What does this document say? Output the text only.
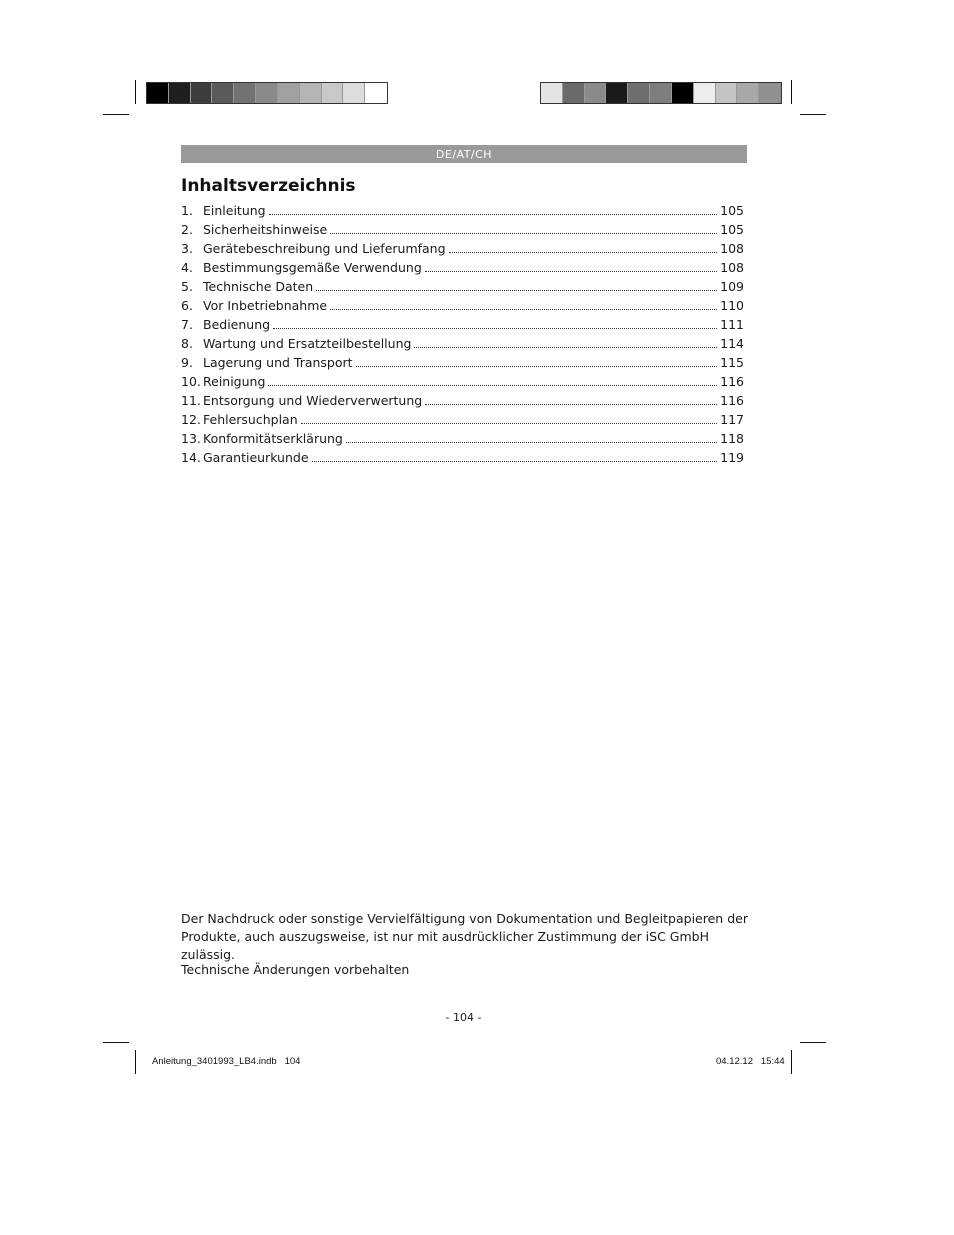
DE/AT/CH
Inhaltsverzeichnis
1. Einleitung	105
2. Sicherheitshinweise	105
3. Gerätebeschreibung und Lieferumfang	108
4. Bestimmungsgemäße Verwendung	108
5. Technische Daten	109
6. Vor Inbetriebnahme	110
7. Bedienung	111
8. Wartung und Ersatzteilbestellung	114
9. Lagerung und Transport	115
10. Reinigung	116
11. Entsorgung und Wiederverwertung	116
12. Fehlersuchplan	117
13. Konformitätserklärung	118
14. Garantieurkunde	119

Der Nachdruck oder sonstige Vervielfältigung von Dokumentation und Begleitpapieren der Produkte, auch auszugsweise, ist nur mit ausdrücklicher Zustimmung der iSC GmbH zulässig.

Technische Änderungen vorbehalten

- 104 -
Anleitung_3401993_LB4.indb   104	04.12.12   15:44
